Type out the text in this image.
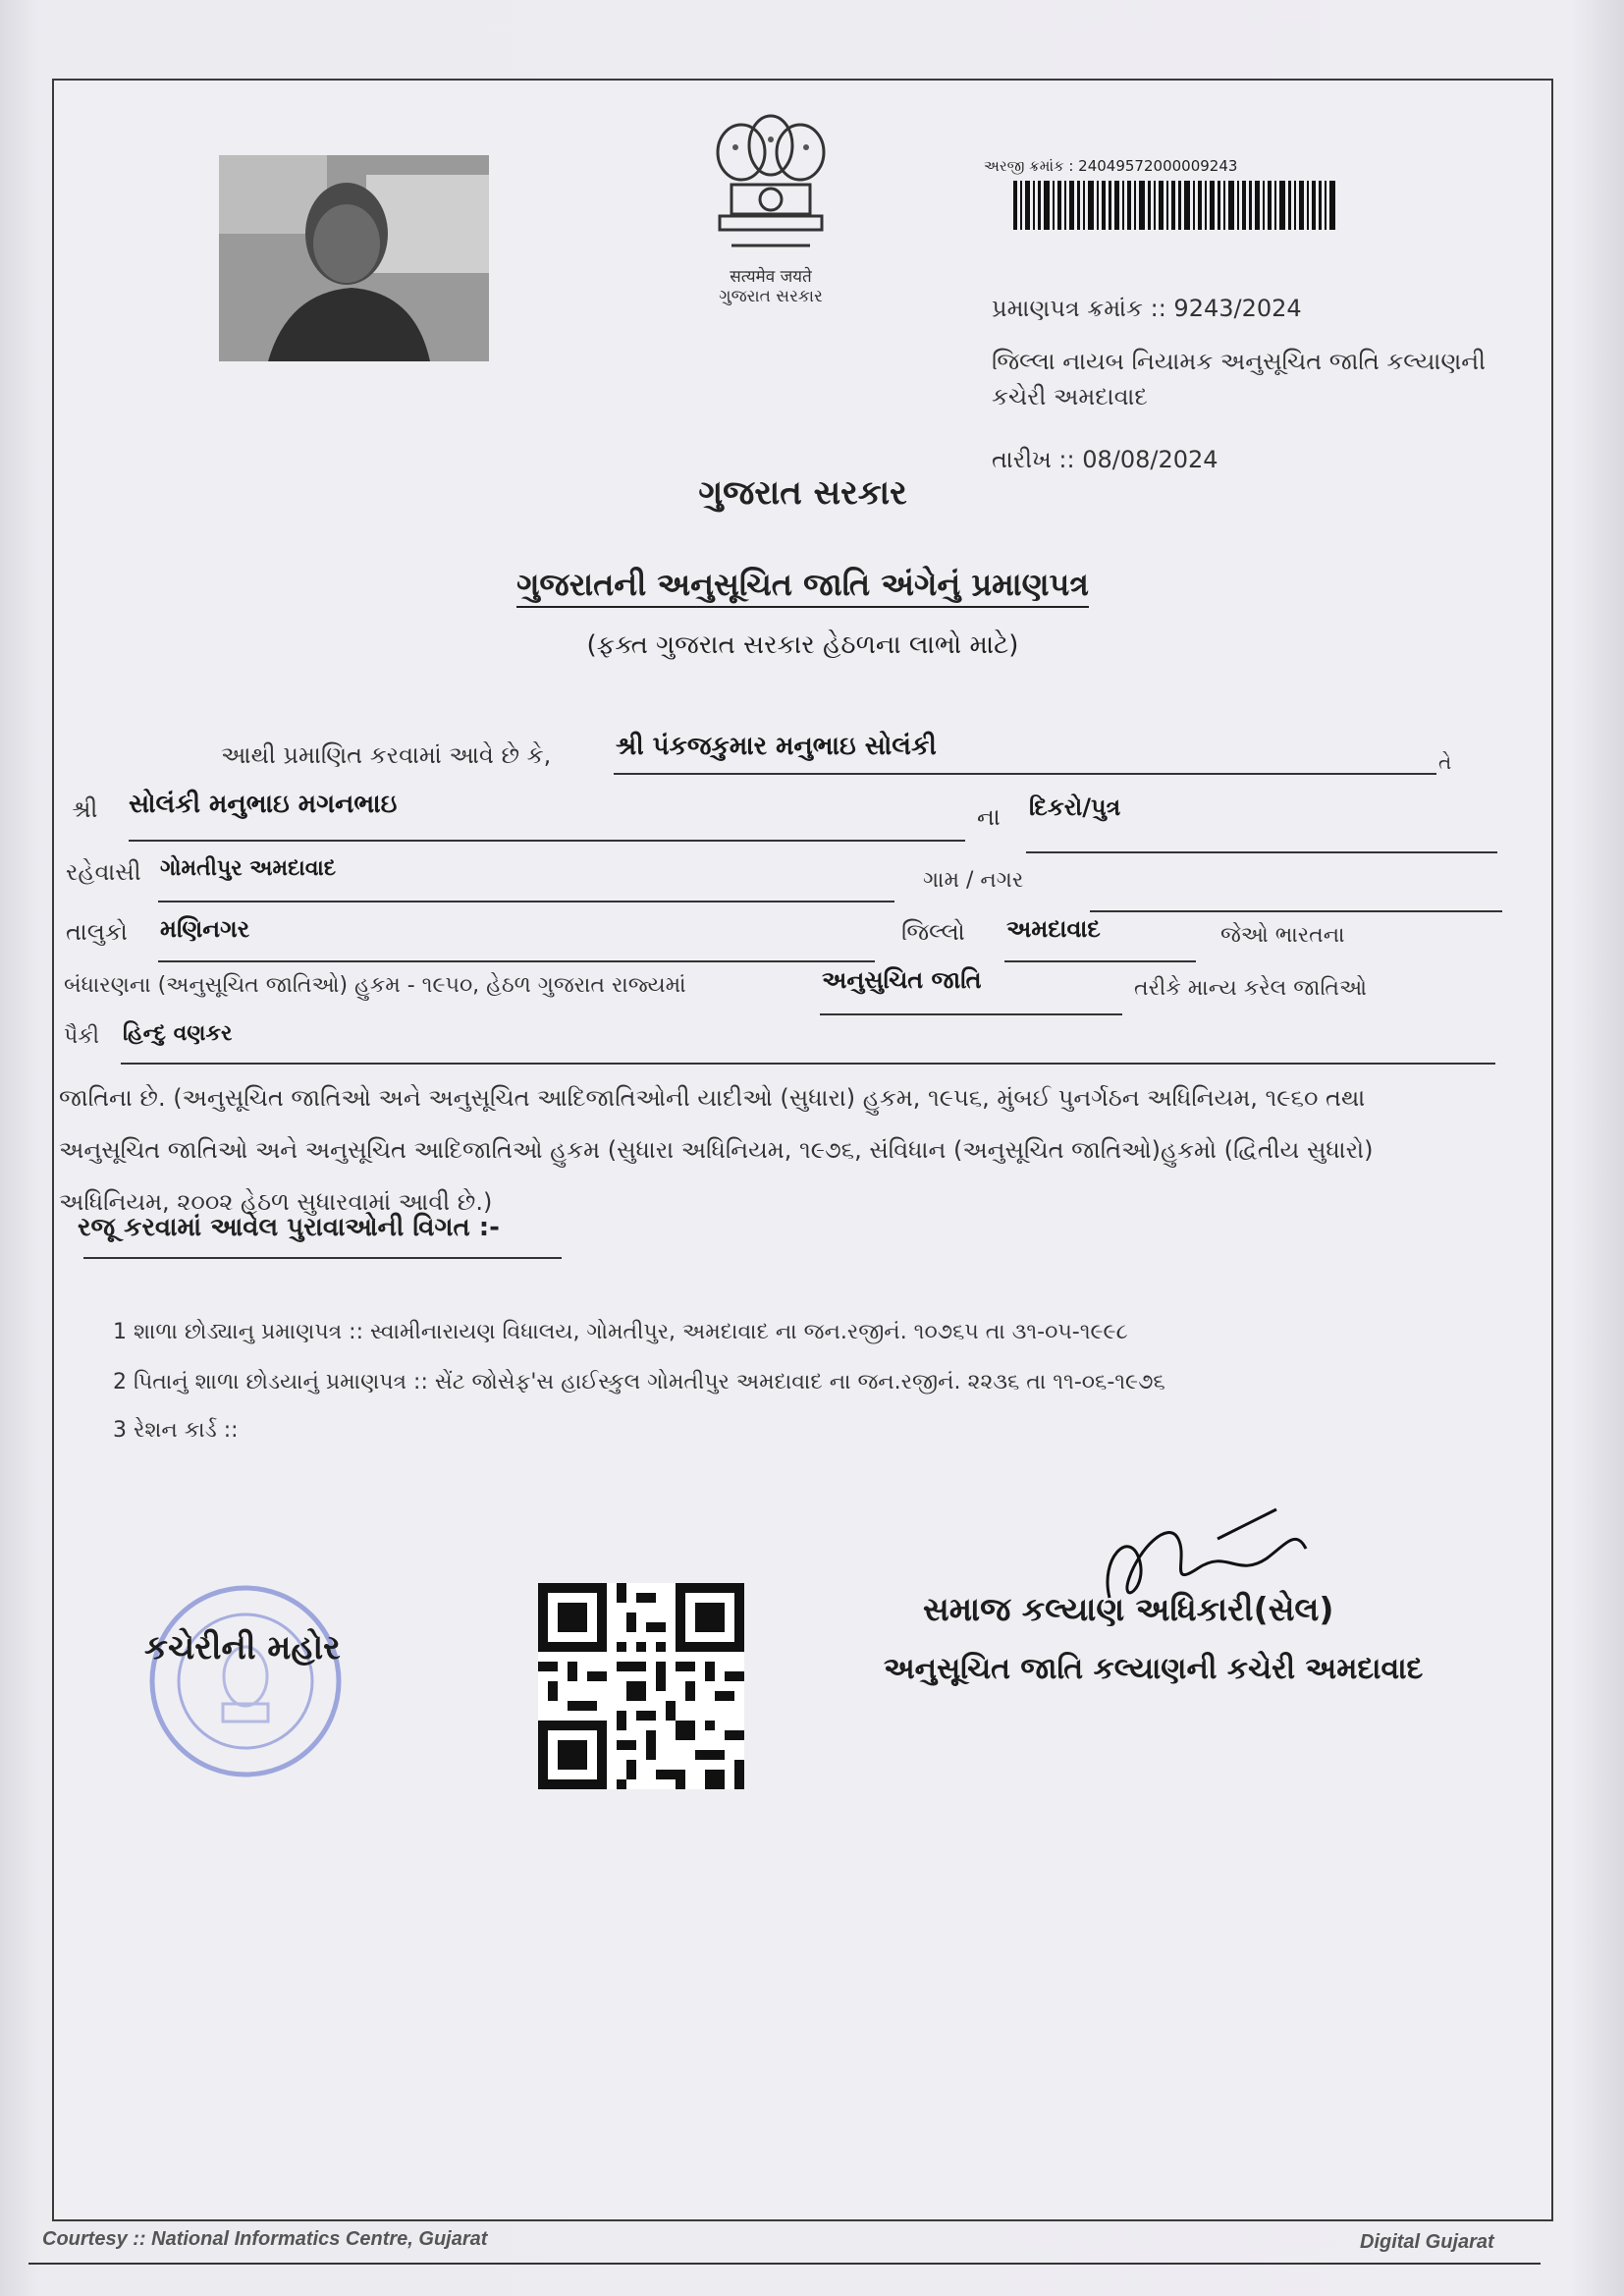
सत्यमेव जयते
ગુજરાત સરકાર
અરજી ક્રમાંક : 24049572000009243
પ્રમાણપત્ર ક્રમાંક :: 9243/2024
જિલ્લા નાયબ નિયામક અનુસૂચિત જાતિ કલ્યાણની કચેરી અમદાવાદ
તારીખ :: 08/08/2024
ગુજરાત સરકાર
ગુજરાતની અનુસૂચિત જાતિ અંગેનું પ્રમાણપત્ર
(ફક્ત ગુજરાત સરકાર હેઠળના લાભો માટે)
આથી પ્રમાણિત કરવામાં આવે છે કે,	શ્રી પંકજકુમાર મનુભાઇ સોલંકી
તે
શ્રી સોલંકી મનુભાઇ મગનભાઇ	ના દિકરો/પુત્ર
રહેવાસી ગોમતીપુર અમદાવાદ	ગામ / નગર
તાલુકો મણિનગર	જિલ્લો અમદાવાદ	જેઓ ભારતના
બંધારણના (અનુસૂચિત જાતિઓ) હુકમ - ૧૯૫૦, હેઠળ ગુજરાત રાજ્યમાં	અનુસુચિત જાતિ	તરીકે માન્ય કરેલ જાતિઓ
પૈકી હિન્દુ વણકર
જાતિના છે. (અનુસૂચિત જાતિઓ અને અનુસૂચિત આદિજાતિઓની યાદીઓ (સુધારા) હુકમ, ૧૯૫૬, મુંબઈ પુનર્ગઠન અધિનિયમ, ૧૯૬૦ તથા
અનુસૂચિત જાતિઓ અને અનુસૂચિત આદિજાતિઓ હુકમ (સુધારા અધિનિયમ, ૧૯૭૬, સંવિધાન (અનુસૂચિત જાતિઓ)હુકમો (દ્વિતીય સુધારો)
અધિનિયમ, ૨૦૦૨ હેઠળ સુધારવામાં આવી છે.)
રજૂ કરવામાં આવેલ પુરાવાઓની વિગત :-
1 શાળા છોડ્યાનુ પ્રમાણપત્ર :: સ્વામીનારાયણ વિધાલય, ગોમતીપુર, અમદાવાદ ના જન.રજીનં. ૧૦૭૬૫ તા ૩૧-૦૫-૧૯૯૮
2 પિતાનું શાળા છોડયાનું પ્રમાણપત્ર :: સેંટ જોસેફ'સ હાઈસ્કુલ ગોમતીપુર અમદાવાદ ના જન.રજીનં. ૨૨૩૬ તા ૧૧-૦૬-૧૯૭૬
3 રેશન કાર્ડ ::
કચેરીની મહોર
સમાજ કલ્યાણ અધિકારી(સેલ)
અનુસૂચિત જાતિ કલ્યાણની કચેરી અમદાવાદ
Courtesy :: National Informatics Centre, Gujarat	Digital Gujarat
